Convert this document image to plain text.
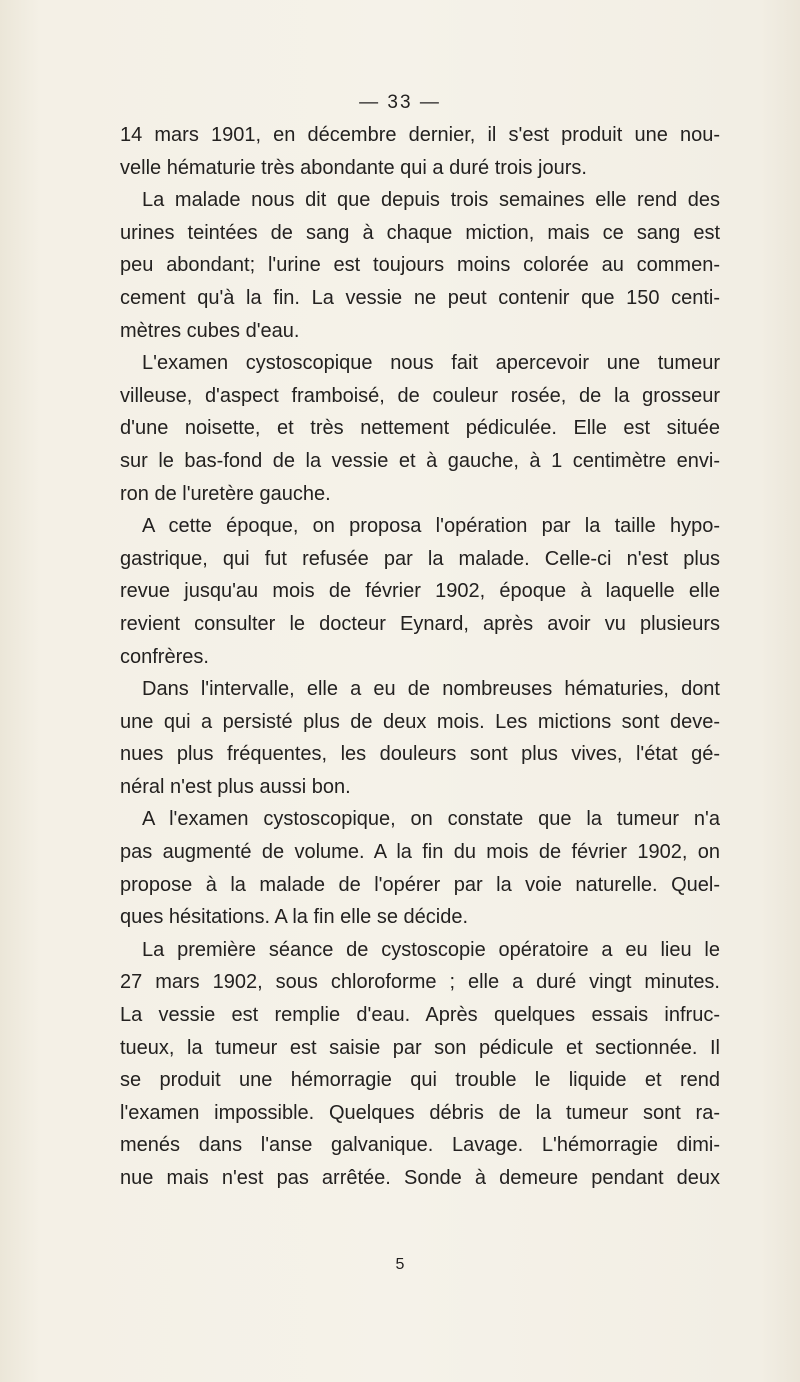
— 33 —

14 mars 1901, en décembre dernier, il s'est produit une nou-
velle hématurie très abondante qui a duré trois jours.

La malade nous dit que depuis trois semaines elle rend des
urines teintées de sang à chaque miction, mais ce sang est
peu abondant; l'urine est toujours moins colorée au commen-
cement qu'à la fin. La vessie ne peut contenir que 150 centi-
mètres cubes d'eau.

L'examen cystoscopique nous fait apercevoir une tumeur
villeuse, d'aspect framboisé, de couleur rosée, de la grosseur
d'une noisette, et très nettement pédiculée. Elle est située
sur le bas-fond de la vessie et à gauche, à 1 centimètre envi-
ron de l'uretère gauche.

A cette époque, on proposa l'opération par la taille hypo-
gastrique, qui fut refusée par la malade. Celle-ci n'est plus
revue jusqu'au mois de février 1902, époque à laquelle elle
revient consulter le docteur Eynard, après avoir vu plusieurs
confrères.

Dans l'intervalle, elle a eu de nombreuses hématuries, dont
une qui a persisté plus de deux mois. Les mictions sont deve-
nues plus fréquentes, les douleurs sont plus vives, l'état gé-
néral n'est plus aussi bon.

A l'examen cystoscopique, on constate que la tumeur n'a
pas augmenté de volume. A la fin du mois de février 1902, on
propose à la malade de l'opérer par la voie naturelle. Quel-
ques hésitations. A la fin elle se décide.

La première séance de cystoscopie opératoire a eu lieu le
27 mars 1902, sous chloroforme ; elle a duré vingt minutes.
La vessie est remplie d'eau. Après quelques essais infruc-
tueux, la tumeur est saisie par son pédicule et sectionnée. Il
se produit une hémorragie qui trouble le liquide et rend
l'examen impossible. Quelques débris de la tumeur sont ra-
menés dans l'anse galvanique. Lavage. L'hémorragie dimi-
nue mais n'est pas arrêtée. Sonde à demeure pendant deux

5
